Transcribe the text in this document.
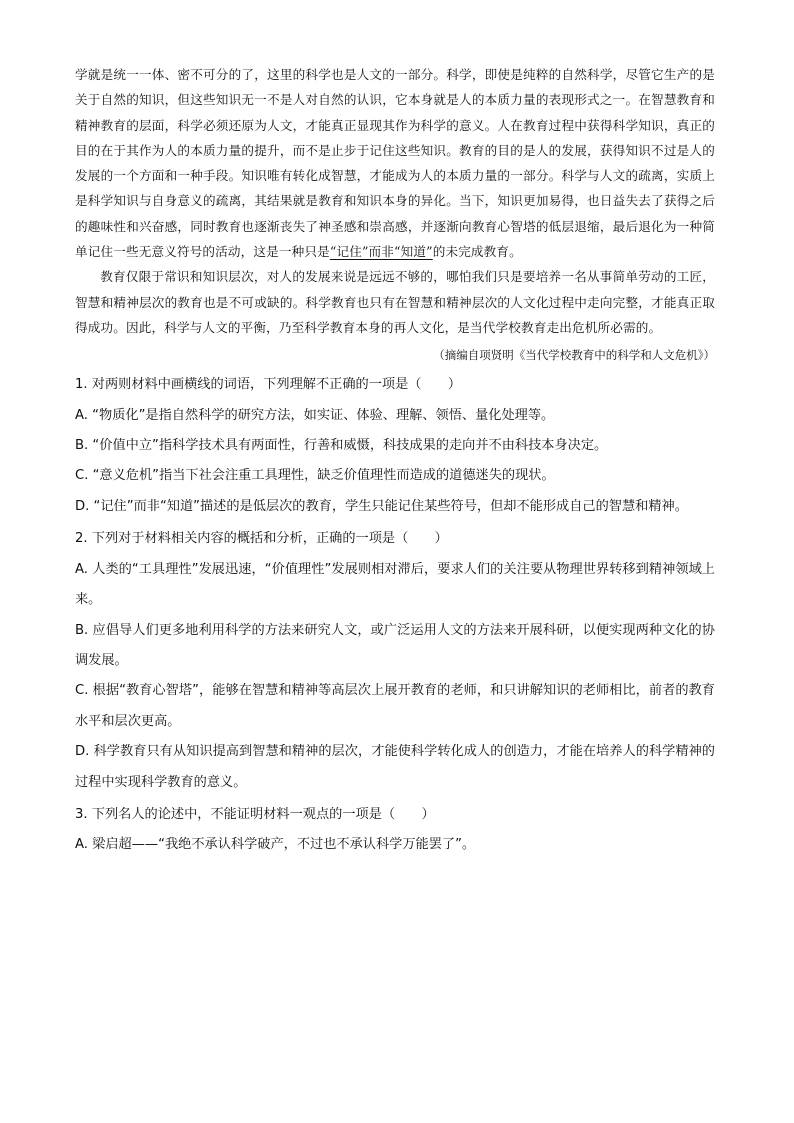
学就是统一一体、密不可分的了，这里的科学也是人文的一部分。科学，即使是纯粹的自然科学，尽管它生产的是关于自然的知识，但这些知识无一不是人对自然的认识，它本身就是人的本质力量的表现形式之一。在智慧教育和精神教育的层面，科学必须还原为人文，才能真正显现其作为科学的意义。人在教育过程中获得科学知识，真正的目的在于其作为人的本质力量的提升，而不是止步于记住这些知识。教育的目的是人的发展，获得知识不过是人的发展的一个方面和一种手段。知识唯有转化成智慧，才能成为人的本质力量的一部分。科学与人文的疏离，实质上是科学知识与自身意义的疏离，其结果就是教育和知识本身的异化。当下，知识更加易得，也日益失去了获得之后的趣味性和兴奋感，同时教育也逐渐丧失了神圣感和崇高感，并逐渐向教育心智塔的低层退缩，最后退化为一种简单记住一些无意义符号的活动，这是一种只是“记住”而非“知道”的未完成教育。

教育仅限于常识和知识层次，对人的发展来说是远远不够的，哪怕我们只是要培养一名从事简单劳动的工匠，智慧和精神层次的教育也是不可或缺的。科学教育也只有在智慧和精神层次的人文化过程中走向完整，才能真正取得成功。因此，科学与人文的平衡，乃至科学教育本身的再人文化，是当代学校教育走出危机所必需的。

（摘编自项贤明《当代学校教育中的科学和人文危机》）

1. 对两则材料中画横线的词语，下列理解不正确的一项是（　　）

A. “物质化”是指自然科学的研究方法，如实证、体验、理解、领悟、量化处理等。

B. “价值中立”指科学技术具有两面性，行善和威慑，科技成果的走向并不由科技本身决定。

C. “意义危机”指当下社会注重工具理性，缺乏价值理性而造成的道德迷失的现状。

D. “记住”而非“知道”描述的是低层次的教育，学生只能记住某些符号，但却不能形成自己的智慧和精神。

2. 下列对于材料相关内容的概括和分析，正确的一项是（　　）

A. 人类的“工具理性”发展迅速，“价值理性”发展则相对滞后，要求人们的关注要从物理世界转移到精神领域上来。

B. 应倡导人们更多地利用科学的方法来研究人文，或广泛运用人文的方法来开展科研，以便实现两种文化的协调发展。

C. 根据“教育心智塔”，能够在智慧和精神等高层次上展开教育的老师，和只讲解知识的老师相比，前者的教育水平和层次更高。

D. 科学教育只有从知识提高到智慧和精神的层次，才能使科学转化成人的创造力，才能在培养人的科学精神的过程中实现科学教育的意义。

3. 下列名人的论述中，不能证明材料一观点的一项是（　　）

A. 梁启超——“我绝不承认科学破产，不过也不承认科学万能罢了”。
